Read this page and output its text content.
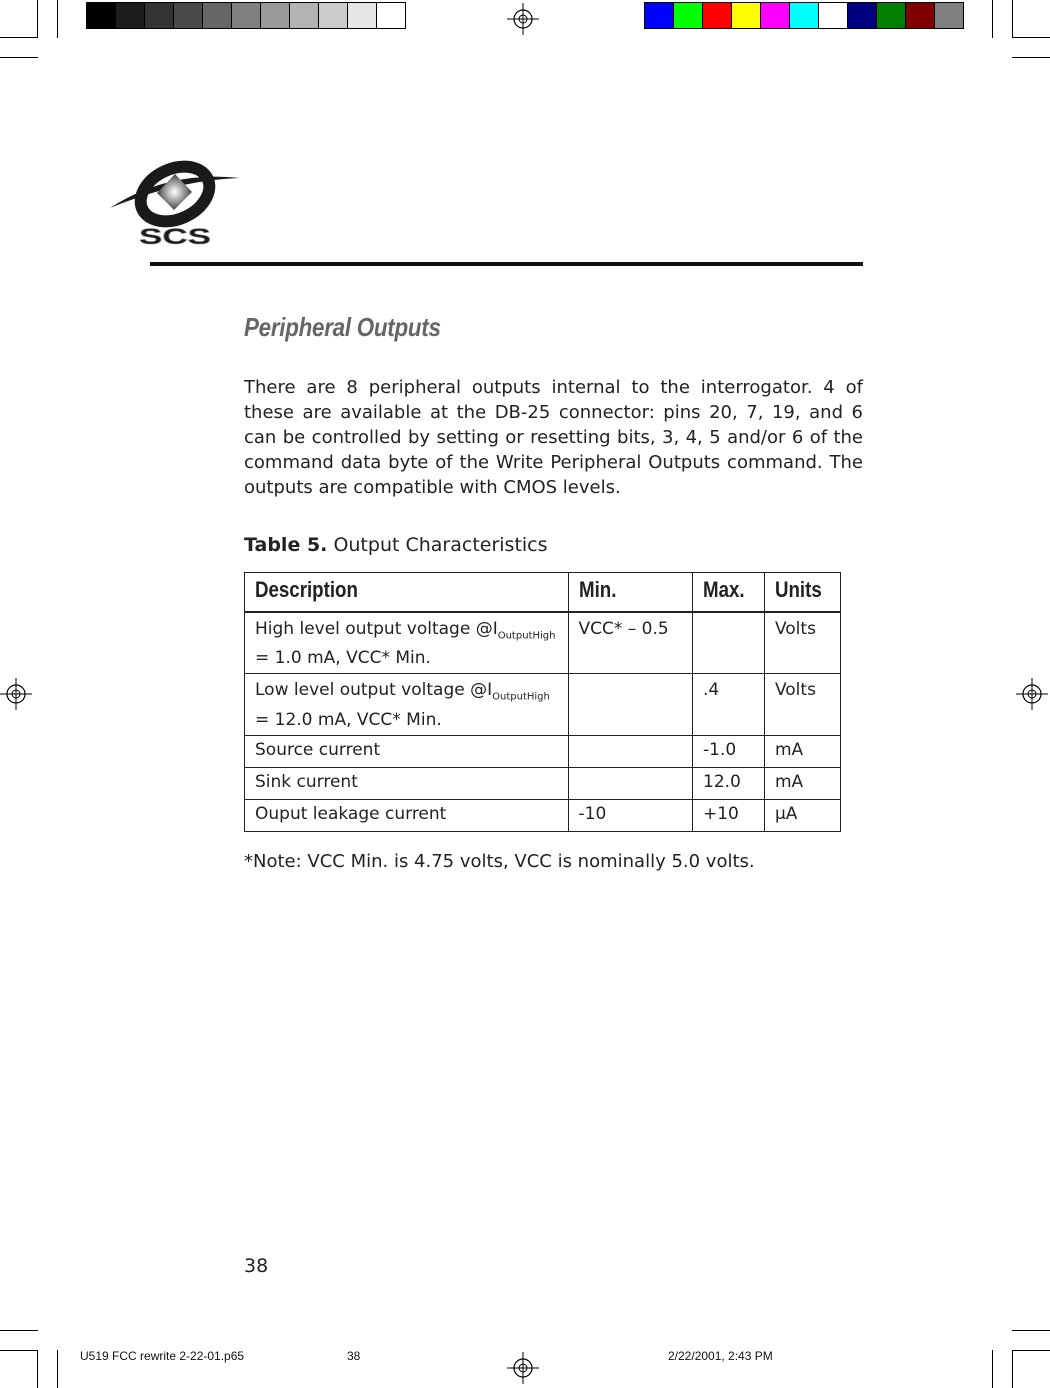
SCS
Peripheral Outputs
There are 8 peripheral outputs internal to the interrogator. 4 of these are available at the DB-25 connector: pins 20, 7, 19, and 6 can be controlled by setting or resetting bits, 3, 4, 5 and/or 6 of the command data byte of the Write Peripheral Outputs command. The outputs are compatible with CMOS levels.
Table 5. Output Characteristics
Description	Min.	Max.	Units
High level output voltage $@I_{OutputHigh}$
= 1.0 mA, VCC* Min.	VCC* – 0.5		Volts
Low level output voltage $@I_{OutputHigh}$
= 12.0 mA, VCC* Min.		.4	Volts
Source current		-1.0	mA
Sink current		12.0	mA
Ouput leakage current	-10	+10	µA
*Note: VCC Min. is 4.75 volts, VCC is nominally 5.0 volts.
38
U519 FCC rewrite 2-22-01.p65	38	2/22/2001, 2:43 PM
